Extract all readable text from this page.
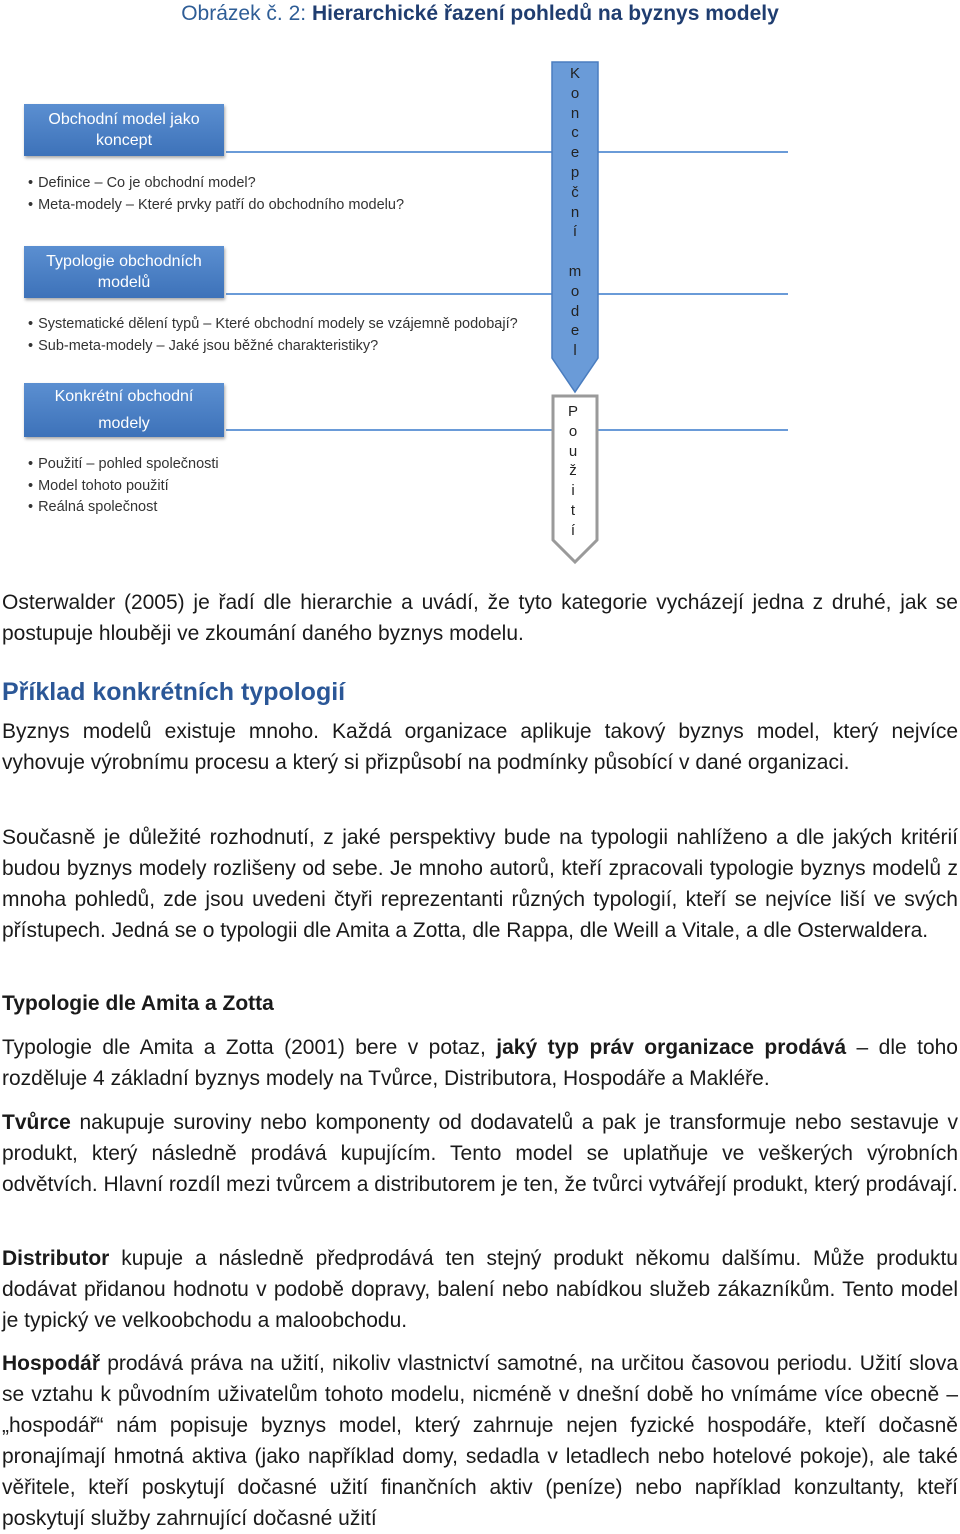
Obrázek č. 2: Hierarchické řazení pohledů na byznys modely
Obchodní model jako
koncept
• Definice – Co je obchodní model?
• Meta-modely – Které prvky patří do obchodního modelu?
Typologie obchodních
modelů
• Systematické dělení typů – Které obchodní modely se vzájemně podobají?
• Sub-meta-modely – Jaké jsou běžné charakteristiky?
Konkrétní obchodní
modely
• Použití – pohled společnosti
• Model tohoto použití
• Reálná společnost
K
o
n
c
e
p
č
n
í
m
o
d
e
l
P
o
u
ž
i
t
í
Osterwalder (2005) je řadí dle hierarchie a uvádí, že tyto kategorie vycházejí jedna z druhé, jak se postupuje hlouběji ve zkoumání daného byznys modelu.
Příklad konkrétních typologií
Byznys modelů existuje mnoho. Každá organizace aplikuje takový byznys model, který nejvíce vyhovuje výrobnímu procesu a který si přizpůsobí na podmínky působící v dané organizaci.
Současně je důležité rozhodnutí, z jaké perspektivy bude na typologii nahlíženo a dle jakých kritérií budou byznys modely rozlišeny od sebe. Je mnoho autorů, kteří zpracovali typologie byznys modelů z mnoha pohledů, zde jsou uvedeni čtyři reprezentanti různých typologií, kteří se nejvíce liší ve svých přístupech. Jedná se o typologii dle Amita a Zotta, dle Rappa, dle Weill a Vitale, a dle Osterwaldera.
Typologie dle Amita a Zotta
Typologie dle Amita a Zotta (2001) bere v potaz, jaký typ práv organizace prodává – dle toho rozděluje 4 základní byznys modely na Tvůrce, Distributora, Hospodáře a Makléře.
Tvůrce nakupuje suroviny nebo komponenty od dodavatelů a pak je transformuje nebo sestavuje v produkt, který následně prodává kupujícím. Tento model se uplatňuje ve veškerých výrobních odvětvích. Hlavní rozdíl mezi tvůrcem a distributorem je ten, že tvůrci vytvářejí produkt, který prodávají.
Distributor kupuje a následně předprodává ten stejný produkt někomu dalšímu. Může produktu dodávat přidanou hodnotu v podobě dopravy, balení nebo nabídkou služeb zákazníkům. Tento model je typický ve velkoobchodu a maloobchodu.
Hospodář prodává práva na užití, nikoliv vlastnictví samotné, na určitou časovou periodu. Užití slova se vztahu k původním uživatelům tohoto modelu, nicméně v dnešní době ho vnímáme více obecně – „hospodář“ nám popisuje byznys model, který zahrnuje nejen fyzické hospodáře, kteří dočasně pronajímají hmotná aktiva (jako například domy, sedadla v letadlech nebo hotelové pokoje), ale také věřitele, kteří poskytují dočasné užití finančních aktiv (peníze) nebo například konzultanty, kteří poskytují služby zahrnující dočasné užití
